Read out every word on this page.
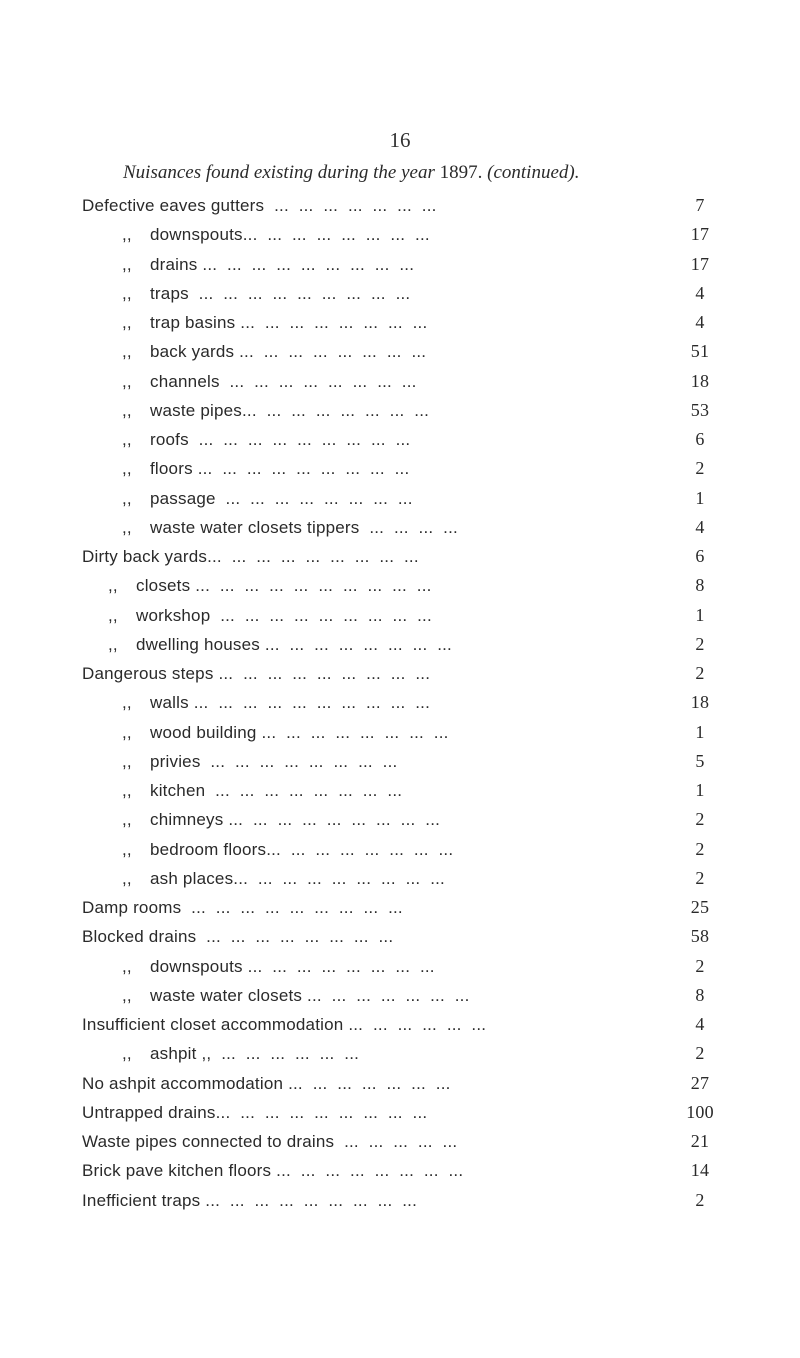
16
Nuisances found existing during the year 1897. (continued).
Defective eaves gutters  ...  ...  ...  ...  ...  ...  ...	7
,, downspouts...  ...  ...  ...  ...  ...  ...  ...	17
,, drains ...  ...  ...  ...  ...  ...  ...  ...  ...	17
,, traps  ...  ...  ...  ...  ...  ...  ...  ...  ...	4
,, trap basins ...  ...  ...  ...  ...  ...  ...  ...	4
,, back yards ...  ...  ...  ...  ...  ...  ...  ...	51
,, channels  ...  ...  ...  ...  ...  ...  ...  ...	18
,, waste pipes...  ...  ...  ...  ...  ...  ...  ...	53
,, roofs  ...  ...  ...  ...  ...  ...  ...  ...  ...	6
,, floors ...  ...  ...  ...  ...  ...  ...  ...  ...	2
,, passage  ...  ...  ...  ...  ...  ...  ...  ...	1
,, waste water closets tippers  ...  ...  ...  ...	4
Dirty back yards...  ...  ...  ...  ...  ...  ...  ...  ...	6
,, closets ...  ...  ...  ...  ...  ...  ...  ...  ...  ...	8
,, workshop  ...  ...  ...  ...  ...  ...  ...  ...  ...	1
,, dwelling houses ...  ...  ...  ...  ...  ...  ...  ...	2
Dangerous steps ...  ...  ...  ...  ...  ...  ...  ...  ...	2
,, walls ...  ...  ...  ...  ...  ...  ...  ...  ...  ...	18
,, wood building ...  ...  ...  ...  ...  ...  ...  ...	1
,, privies  ...  ...  ...  ...  ...  ...  ...  ...	5
,, kitchen  ...  ...  ...  ...  ...  ...  ...  ...	1
,, chimneys ...  ...  ...  ...  ...  ...  ...  ...  ...	2
,, bedroom floors...  ...  ...  ...  ...  ...  ...  ...	2
,, ash places...  ...  ...  ...  ...  ...  ...  ...  ...	2
Damp rooms  ...  ...  ...  ...  ...  ...  ...  ...  ...	25
Blocked drains  ...  ...  ...  ...  ...  ...  ...  ...	58
,, downspouts ...  ...  ...  ...  ...  ...  ...  ...	2
,, waste water closets ...  ...  ...  ...  ...  ...  ...	8
Insufficient closet accommodation ...  ...  ...  ...  ...  ...	4
,, ashpit ,,  ...  ...  ...  ...  ...  ...	2
No ashpit accommodation ...  ...  ...  ...  ...  ...  ...	27
Untrapped drains...  ...  ...  ...  ...  ...  ...  ...  ...	100
Waste pipes connected to drains  ...  ...  ...  ...  ...	21
Brick pave kitchen floors ...  ...  ...  ...  ...  ...  ...  ...	14
Inefficient traps ...  ...  ...  ...  ...  ...  ...  ...  ...	2
